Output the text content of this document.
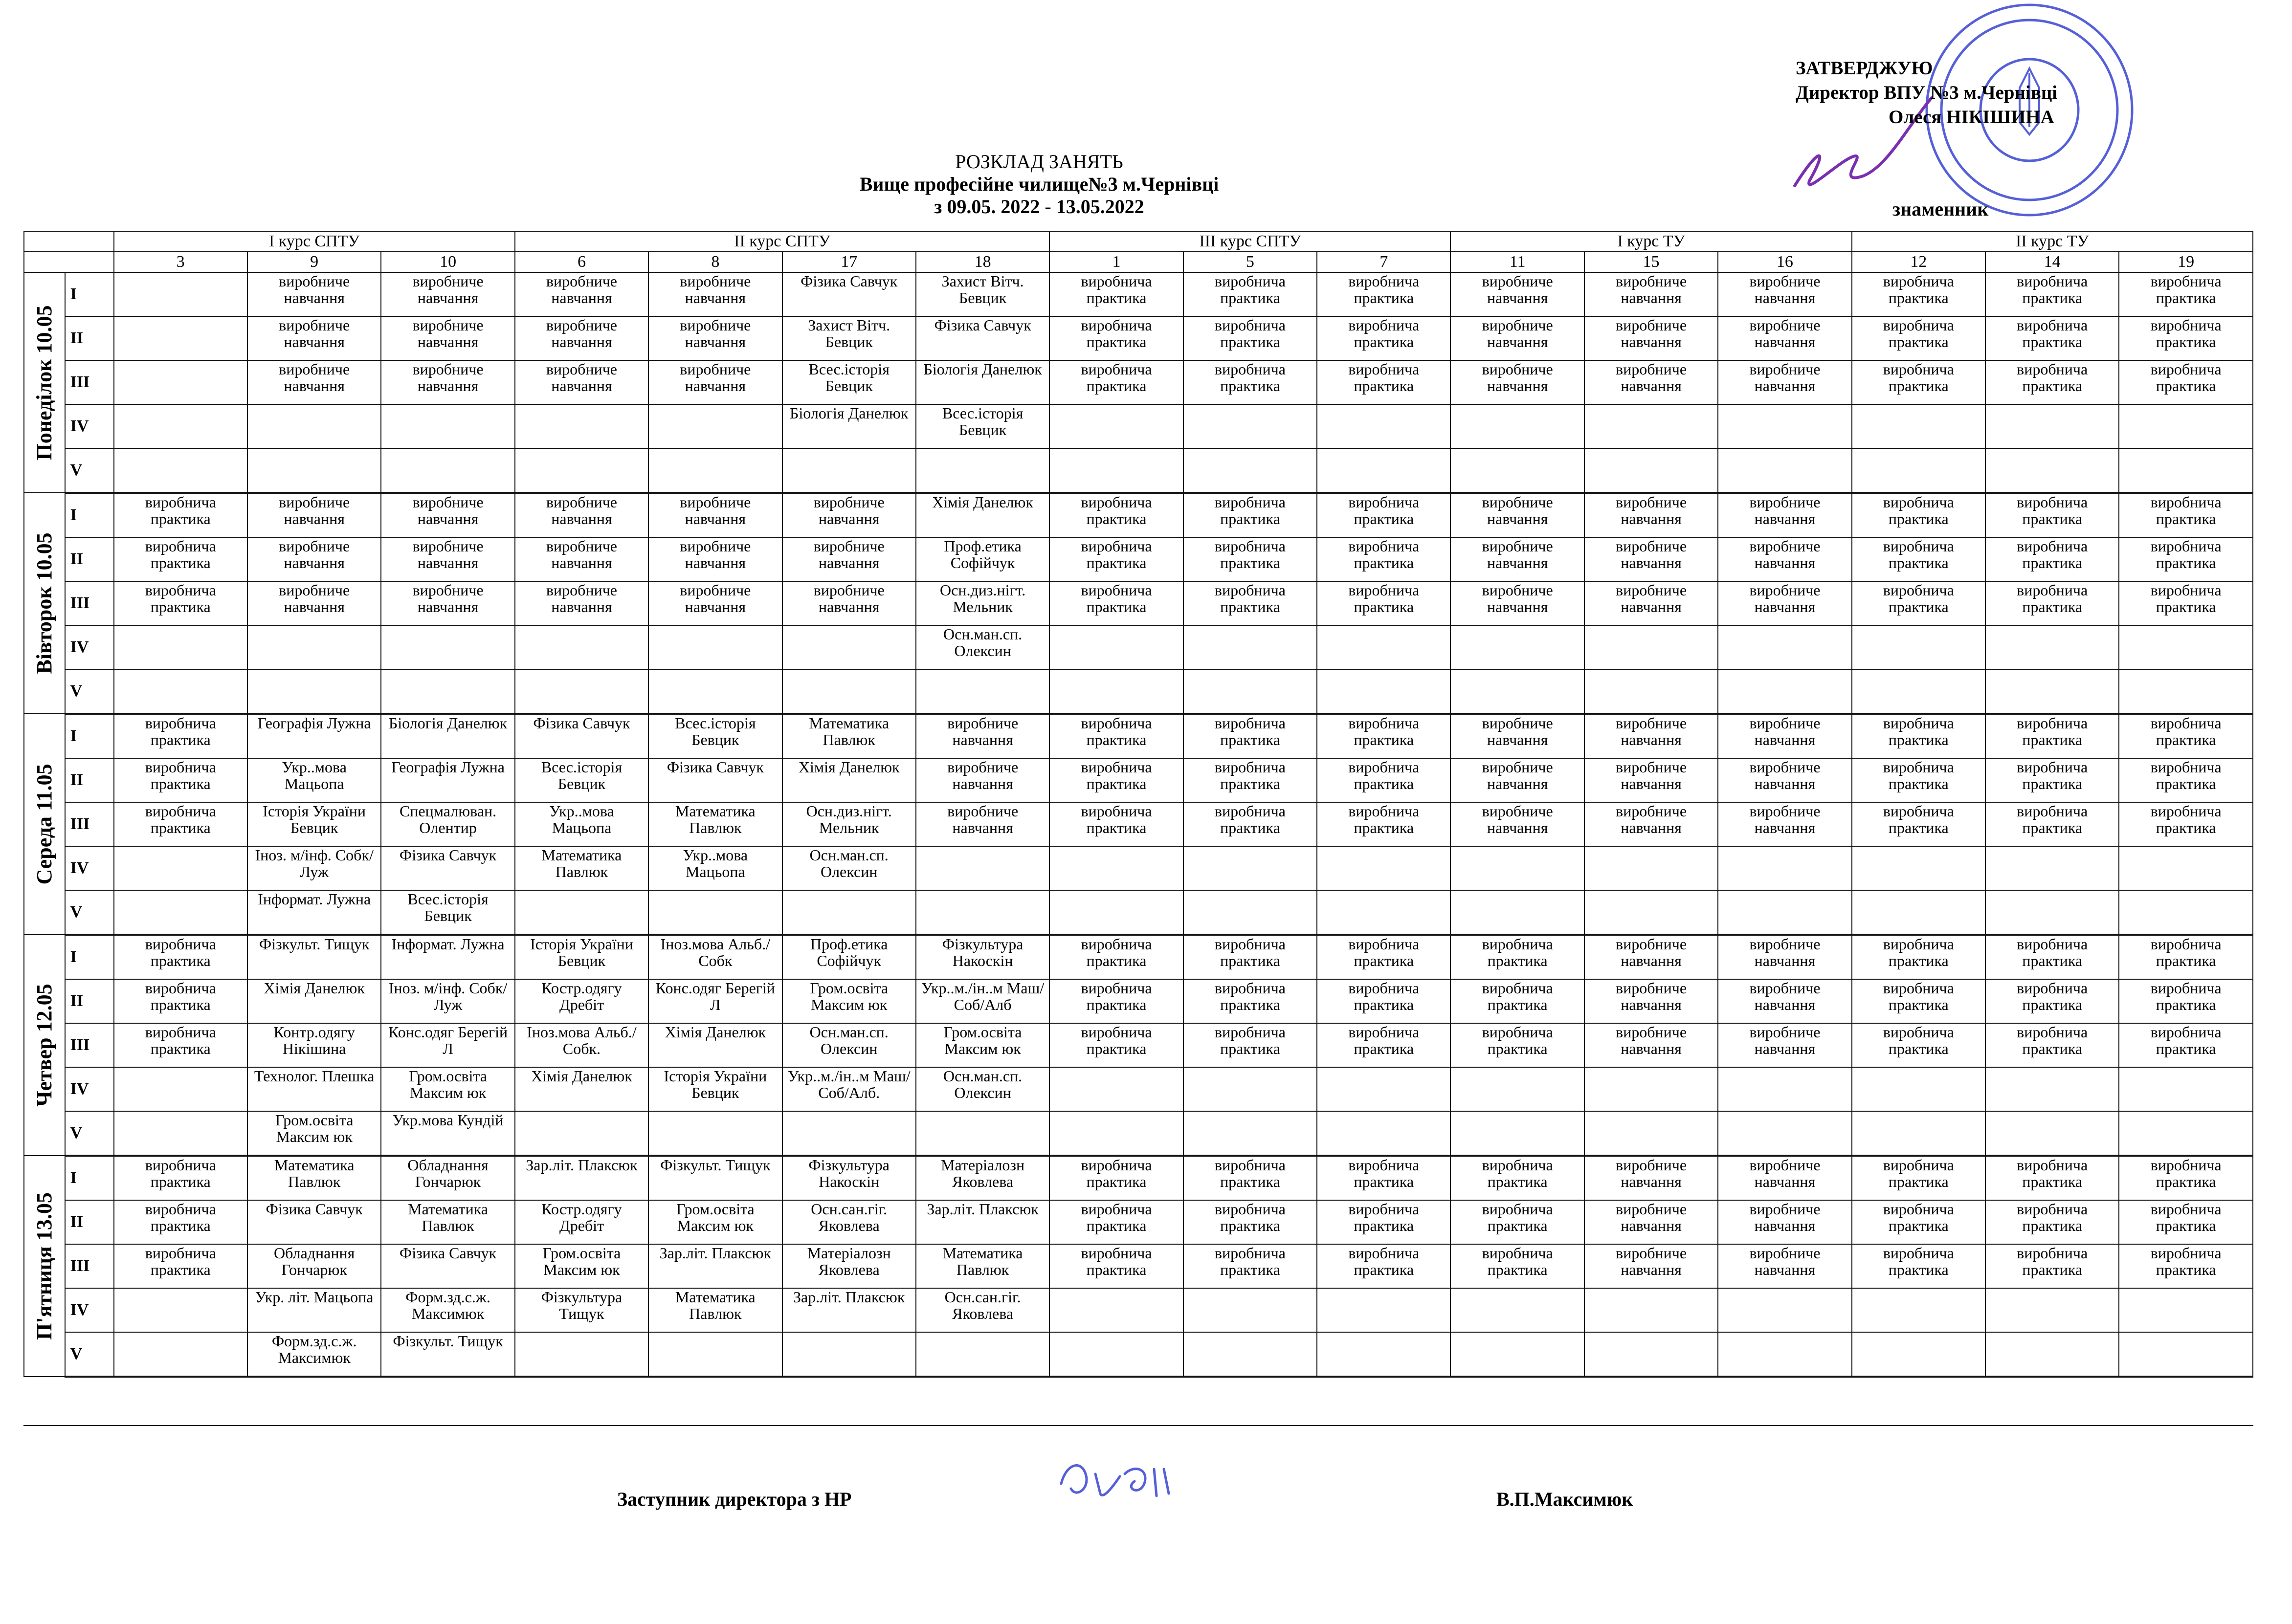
ЗАТВЕРДЖУЮ
Директор ВПУ №3 м.Чернівці
Олеся НІКІШИНА
РОЗКЛАД ЗАНЯТЬ
Вище професійне чилище№3 м.Чернівці
з 09.05. 2022 - 13.05.2022	знаменник
		І курс СПТУ			ІІ курс СПТУ				ІІІ курс СПТУ			І курс ТУ			ІІ курс ТУ		
		3	9	10	6	8	17	18	1	5	7	11	15	16	12	14	19

Понеділок 10.05	І		виробниче навчання	виробниче навчання	виробниче навчання	виробниче навчання	Фізика Савчук	Захист Вітч. Бевцик	виробнича практика	виробнича практика	виробнича практика	виробниче навчання	виробниче навчання	виробниче навчання	виробнича практика	виробнича практика	виробнича практика
	ІІ		виробниче навчання	виробниче навчання	виробниче навчання	виробниче навчання	Захист Вітч. Бевцик	Фізика Савчук	виробнича практика	виробнича практика	виробнича практика	виробниче навчання	виробниче навчання	виробниче навчання	виробнича практика	виробнича практика	виробнича практика
	ІІІ		виробниче навчання	виробниче навчання	виробниче навчання	виробниче навчання	Всес.історія Бевцик	Біологія Данелюк	виробнича практика	виробнича практика	виробнича практика	виробниче навчання	виробниче навчання	виробниче навчання	виробнича практика	виробнича практика	виробнича практика
	IV						Біологія Данелюк	Всес.історія Бевцик									
	V																

Вівторок 10.05	І	виробнича практика	виробниче навчання	виробниче навчання	виробниче навчання	виробниче навчання	виробниче навчання	Хімія Данелюк	виробнича практика	виробнича практика	виробнича практика	виробниче навчання	виробниче навчання	виробниче навчання	виробнича практика	виробнича практика	виробнича практика
	ІІ	виробнича практика	виробниче навчання	виробниче навчання	виробниче навчання	виробниче навчання	виробниче навчання	Проф.етика Софійчук	виробнича практика	виробнича практика	виробнича практика	виробниче навчання	виробниче навчання	виробниче навчання	виробнича практика	виробнича практика	виробнича практика
	ІІІ	виробнича практика	виробниче навчання	виробниче навчання	виробниче навчання	виробниче навчання	виробниче навчання	Осн.диз.нігт. Мельник	виробнича практика	виробнича практика	виробнича практика	виробниче навчання	виробниче навчання	виробниче навчання	виробнича практика	виробнича практика	виробнича практика
	IV							Осн.ман.сп. Олексин									
	V																

Середа 11.05	І	виробнича практика	Географія Лужна	Біологія Данелюк	Фізика Савчук	Всес.історія Бевцик	Математика Павлюк	виробниче навчання	виробнича практика	виробнича практика	виробнича практика	виробниче навчання	виробниче навчання	виробниче навчання	виробнича практика	виробнича практика	виробнича практика
	ІІ	виробнича практика	Укр..мова Мацьопа	Географія Лужна	Всес.історія Бевцик	Фізика Савчук	Хімія Данелюк	виробниче навчання	виробнича практика	виробнича практика	виробнича практика	виробниче навчання	виробниче навчання	виробниче навчання	виробнича практика	виробнича практика	виробнича практика
	ІІІ	виробнича практика	Історія України Бевцик	Спецмалюван. Олентир	Укр..мова Мацьопа	Математика Павлюк	Осн.диз.нігт. Мельник	виробниче навчання	виробнича практика	виробнича практика	виробнича практика	виробниче навчання	виробниче навчання	виробниче навчання	виробнича практика	виробнича практика	виробнича практика
	IV		Іноз. м/інф. Собк/Луж	Фізика Савчук	Математика Павлюк	Укр..мова Мацьопа	Осн.ман.сп. Олексин										
	V		Інформат. Лужна	Всес.історія Бевцик													

Четвер 12.05	І	виробнича практика	Фізкульт. Тищук	Інформат. Лужна	Історія України Бевцик	Іноз.мова Альб./Собк	Проф.етика Софійчук	Фізкультура Накоскін	виробнича практика	виробнича практика	виробнича практика	виробнича практика	виробниче навчання	виробниче навчання	виробнича практика	виробнича практика	виробнича практика
	ІІ	виробнича практика	Хімія Данелюк	Іноз. м/інф. Собк/Луж	Костр.одягу Дребіт	Конс.одяг Берегій Л	Гром.освіта Максим юк	Укр..м./ін..м Маш/Соб/Алб	виробнича практика	виробнича практика	виробнича практика	виробнича практика	виробниче навчання	виробниче навчання	виробнича практика	виробнича практика	виробнича практика
	ІІІ	виробнича практика	Контр.одягу Нікішина	Конс.одяг Берегій Л	Іноз.мова Альб./Собк.	Хімія Данелюк	Осн.ман.сп. Олексин	Гром.освіта Максим юк	виробнича практика	виробнича практика	виробнича практика	виробнича практика	виробниче навчання	виробниче навчання	виробнича практика	виробнича практика	виробнича практика
	IV		Технолог. Плешка	Гром.освіта Максим юк	Хімія Данелюк	Історія України Бевцик	Укр..м./ін..м Маш/Соб/Алб.	Осн.ман.сп. Олексин									
	V		Гром.освіта Максим юк	Укр.мова Кундій													

П'ятниця 13.05	І	виробнича практика	Математика Павлюк	Обладнання Гончарюк	Зар.літ. Плаксюк	Фізкульт. Тищук	Фізкультура Накоскін	Матеріалозн Яковлева	виробнича практика	виробнича практика	виробнича практика	виробнича практика	виробниче навчання	виробниче навчання	виробнича практика	виробнича практика	виробнича практика
	ІІ	виробнича практика	Фізика Савчук	Математика Павлюк	Костр.одягу Дребіт	Гром.освіта Максим юк	Осн.сан.гіг. Яковлева	Зар.літ. Плаксюк	виробнича практика	виробнича практика	виробнича практика	виробнича практика	виробниче навчання	виробниче навчання	виробнича практика	виробнича практика	виробнича практика
	ІІІ	виробнича практика	Обладнання Гончарюк	Фізика Савчук	Гром.освіта Максим юк	Зар.літ. Плаксюк	Матеріалозн Яковлева	Математика Павлюк	виробнича практика	виробнича практика	виробнича практика	виробнича практика	виробниче навчання	виробниче навчання	виробнича практика	виробнича практика	виробнича практика
	IV		Укр. літ. Мацьопа	Форм.зд.с.ж. Максимюк	Фізкультура Тищук	Математика Павлюк	Зар.літ. Плаксюк	Осн.сан.гіг. Яковлева									
	V		Форм.зд.с.ж. Максимюк	Фізкульт. Тищук													
Заступник директора з НР	В.П.Максимюк
